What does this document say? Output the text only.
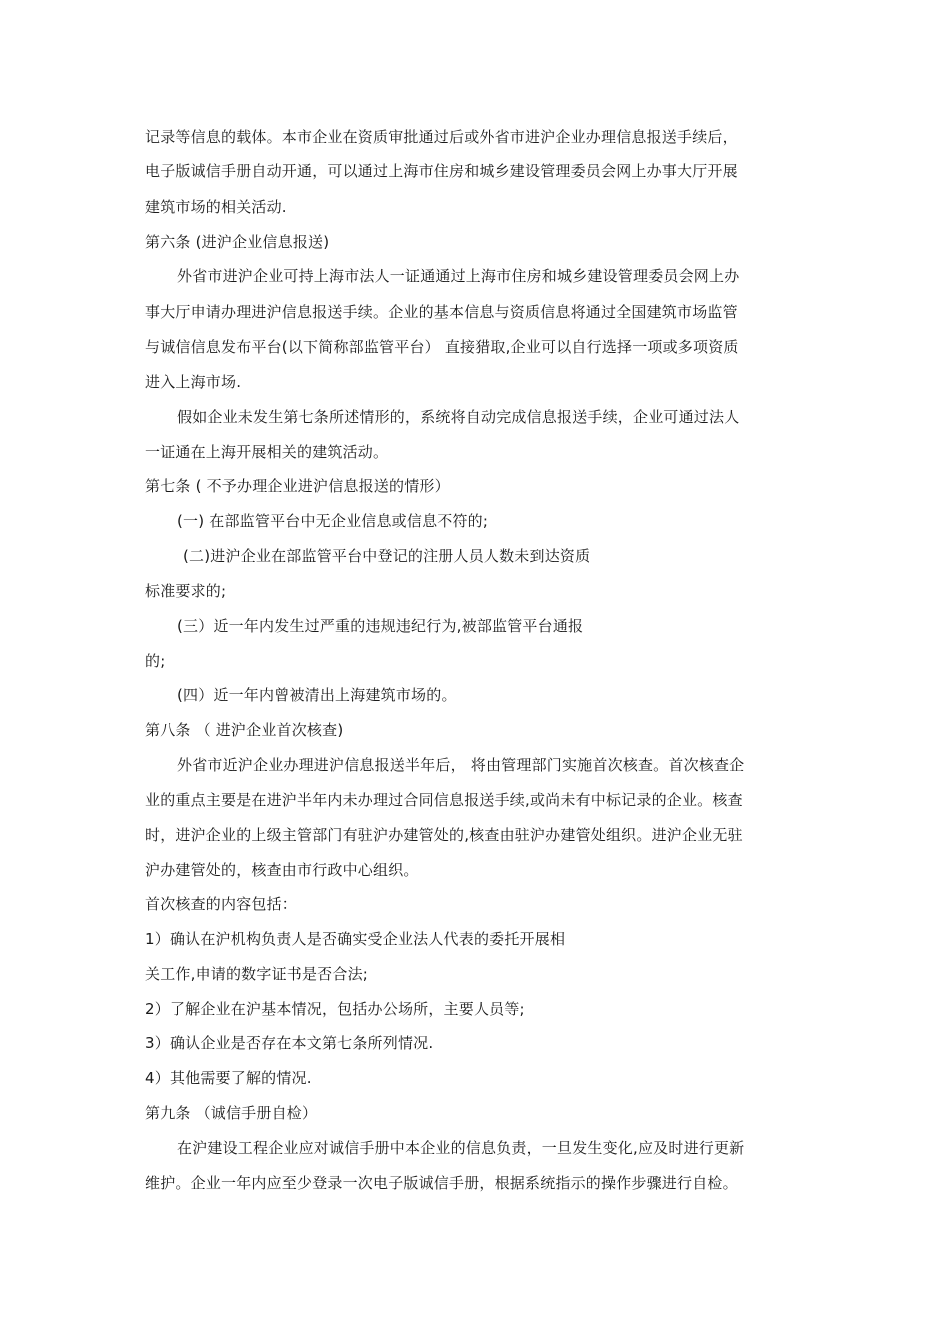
记录等信息的载体。本市企业在资质审批通过后或外省市进沪企业办理信息报送手续后，
电子版诚信手册自动开通，可以通过上海市住房和城乡建设管理委员会网上办事大厅开展
建筑市场的相关活动.
第六条 (进沪企业信息报送)
外省市进沪企业可持上海市法人一证通通过上海市住房和城乡建设管理委员会网上办
事大厅申请办理进沪信息报送手续。企业的基本信息与资质信息将通过全国建筑市场监管
与诚信信息发布平台(以下简称部监管平台） 直接猎取,企业可以自行选择一项或多项资质
进入上海市场.
假如企业未发生第七条所述情形的，系统将自动完成信息报送手续，企业可通过法人
一证通在上海开展相关的建筑活动。
第七条 ( 不予办理企业进沪信息报送的情形）
(一) 在部监管平台中无企业信息或信息不符的;
(二)进沪企业在部监管平台中登记的注册人员人数未到达资质
标准要求的;
(三）近一年内发生过严重的违规违纪行为,被部监管平台通报
的;
(四）近一年内曾被清出上海建筑市场的。
第八条 （ 进沪企业首次核查)
外省市近沪企业办理进沪信息报送半年后， 将由管理部门实施首次核查。首次核查企
业的重点主要是在进沪半年内未办理过合同信息报送手续,或尚未有中标记录的企业。核查
时，进沪企业的上级主管部门有驻沪办建管处的,核查由驻沪办建管处组织。进沪企业无驻
沪办建管处的，核查由市行政中心组织。
首次核查的内容包括：
1）确认在沪机构负责人是否确实受企业法人代表的委托开展相
关工作,申请的数字证书是否合法;
2）了解企业在沪基本情况，包括办公场所，主要人员等;
3）确认企业是否存在本文第七条所列情况.
4）其他需要了解的情况.
第九条 （诚信手册自检）
在沪建设工程企业应对诚信手册中本企业的信息负责，一旦发生变化,应及时进行更新
维护。企业一年内应至少登录一次电子版诚信手册，根据系统指示的操作步骤进行自检。
